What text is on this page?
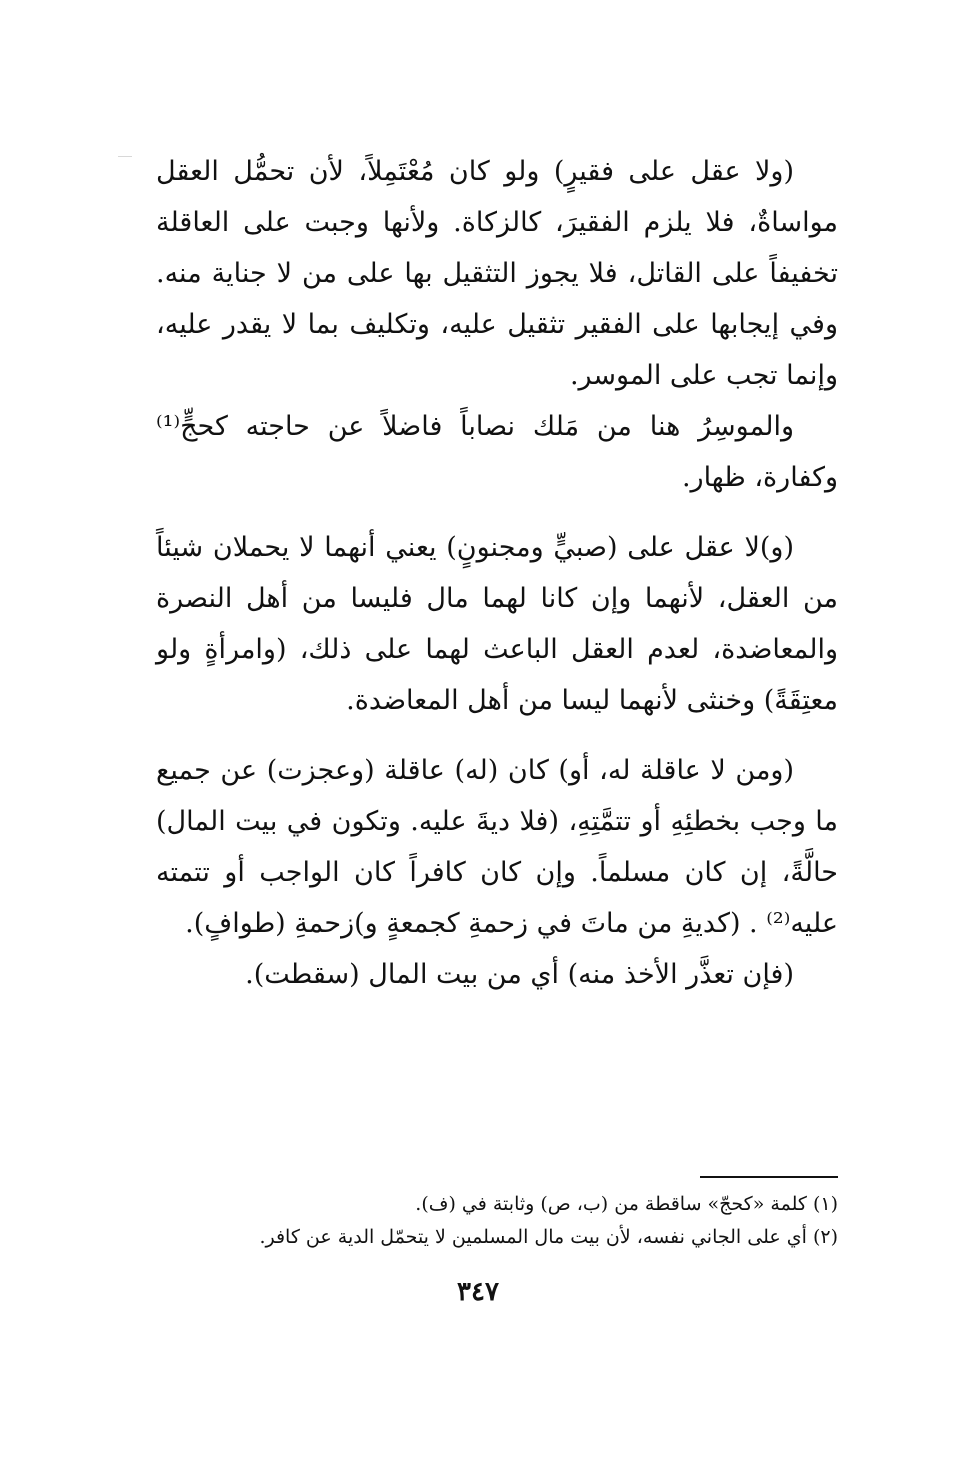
(ولا عقل على فقيرٍ) ولو كان مُعْتَمِلاً، لأن تحمُّل العقل مواساةٌ، فلا يلزم الفقيرَ، كالزكاة. ولأنها وجبت على العاقلة تخفيفاً على القاتل، فلا يجوز التثقيل بها على من لا جناية منه. وفي إيجابها على الفقير تثقيل عليه، وتكليف بما لا يقدر عليه، وإنما تجب على الموسر.

والموسِرُ هنا من مَلك نصاباً فاضلاً عن حاجته كحجٍّ⁽¹⁾ وكفارة، ظهار.

(و)لا عقل على (صبيٍّ ومجنونٍ) يعني أنهما لا يحملان شيئاً من العقل، لأنهما وإن كانا لهما مال فليسا من أهل النصرة والمعاضدة، لعدم العقل الباعث لهما على ذلك، (وامرأةٍ ولو معتِقَةً) وخنثى لأنهما ليسا من أهل المعاضدة.

(ومن لا عاقلة له، أو) كان (له) عاقلة (وعجزت) عن جميع ما وجب بخطئِهِ أو تتمَّتِهِ، (فلا ديةَ عليه. وتكون في بيت المال) حالَّةً، إن كان مسلماً. وإن كان كافراً كان الواجب أو تتمته عليه⁽²⁾ . (كديةِ من ماتَ في زحمةِ كجمعةٍ و)زحمةِ (طوافٍ).

(فإن تعذَّر الأخذ منه) أي من بيت المال (سقطت).

(١) كلمة «كحجّ» ساقطة من (ب، ص) وثابتة في (ف).

(٢) أي على الجاني نفسه، لأن بيت مال المسلمين لا يتحمّل الدية عن كافر.

٣٤٧
